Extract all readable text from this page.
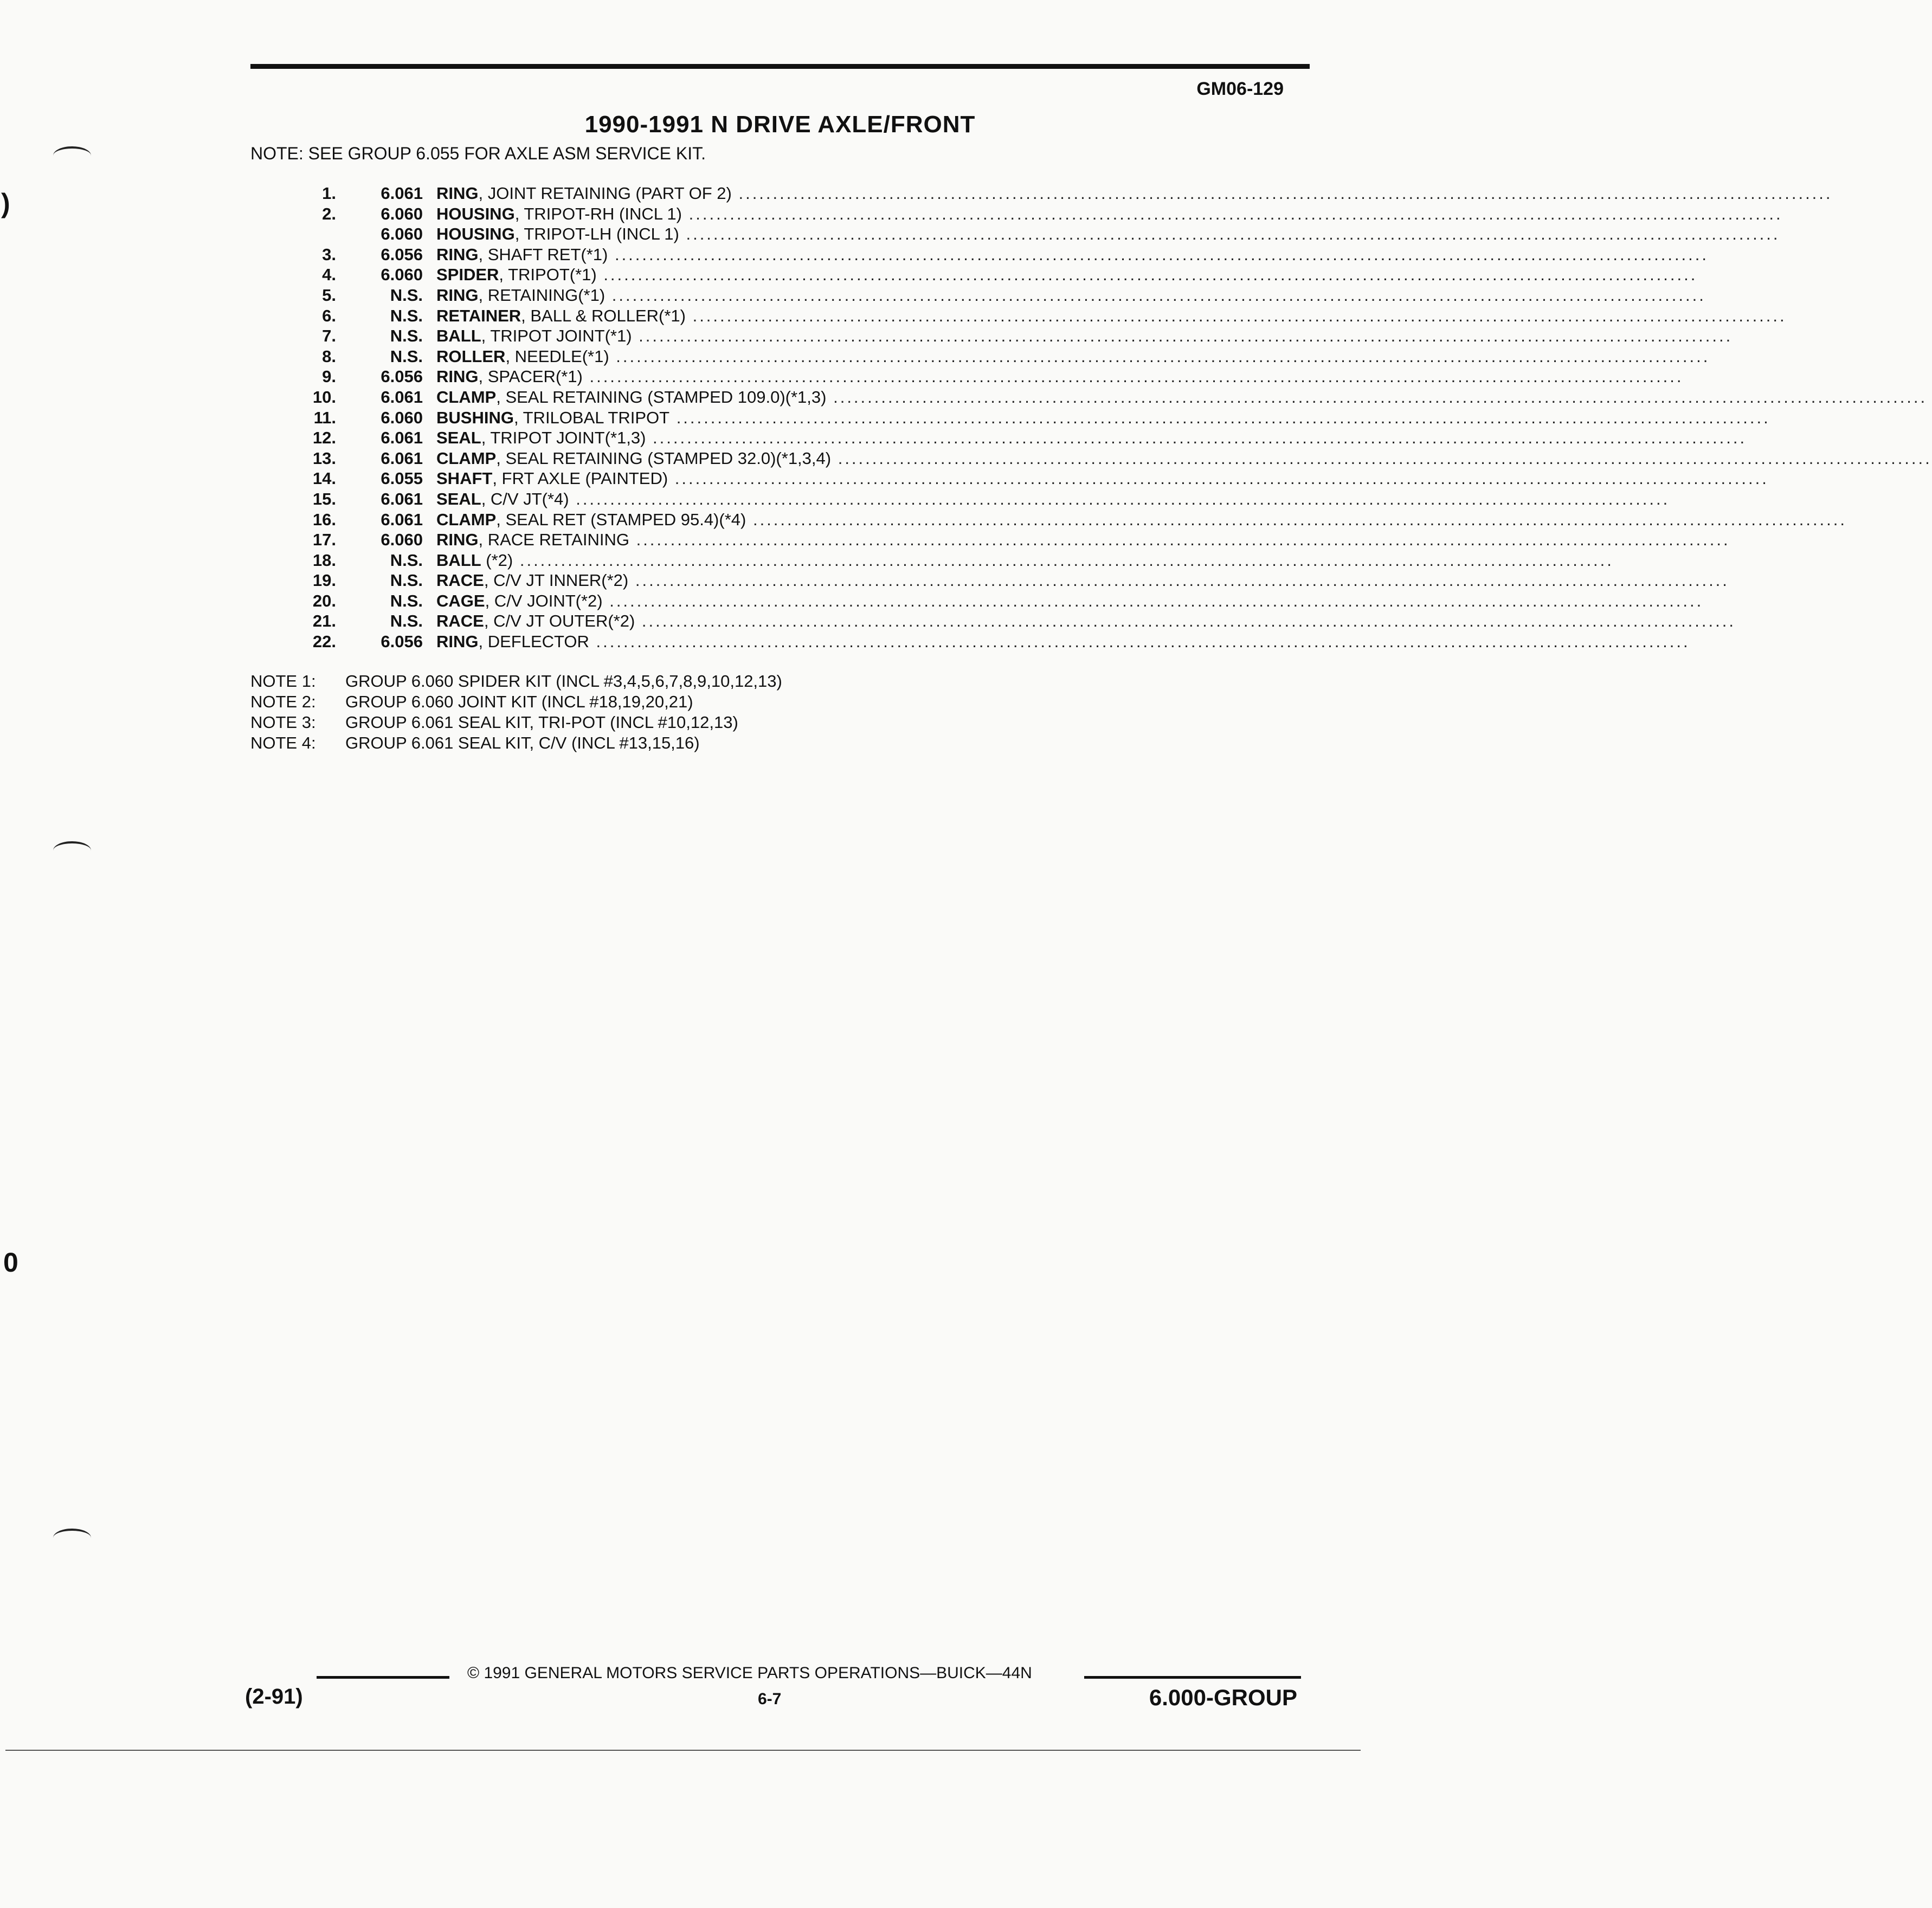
GM06-129
1990-1991 N DRIVE AXLE/FRONT
NOTE: SEE GROUP 6.055 FOR AXLE ASM SERVICE KIT.
1.	6.061 RING, JOINT RETAINING (PART OF 2) ................................................................................................................................................................
2.	6.060 HOUSING, TRIPOT-RH (INCL 1) ................................................................................................................................................................
6.060 HOUSING, TRIPOT-LH (INCL 1) ................................................................................................................................................................
3.	6.056 RING, SHAFT RET(*1) ................................................................................................................................................................
4.	6.060 SPIDER, TRIPOT(*1) ................................................................................................................................................................
5.	N.S. RING, RETAINING(*1) ................................................................................................................................................................
6.	N.S. RETAINER, BALL & ROLLER(*1) ................................................................................................................................................................
7.	N.S. BALL, TRIPOT JOINT(*1) ................................................................................................................................................................
8.	N.S. ROLLER, NEEDLE(*1) ................................................................................................................................................................
9.	6.056 RING, SPACER(*1) ................................................................................................................................................................
10.	6.061 CLAMP, SEAL RETAINING (STAMPED 109.0)(*1,3) ................................................................................................................................................................
11.	6.060 BUSHING, TRILOBAL TRIPOT ................................................................................................................................................................
12.	6.061 SEAL, TRIPOT JOINT(*1,3) ................................................................................................................................................................
13.	6.061 CLAMP, SEAL RETAINING (STAMPED 32.0)(*1,3,4) ................................................................................................................................................................
14.	6.055 SHAFT, FRT AXLE (PAINTED) ................................................................................................................................................................
15.	6.061 SEAL, C/V JT(*4) ................................................................................................................................................................
16.	6.061 CLAMP, SEAL RET (STAMPED 95.4)(*4) ................................................................................................................................................................
17.	6.060 RING, RACE RETAINING ................................................................................................................................................................
18.	N.S. BALL (*2) ................................................................................................................................................................
19.	N.S. RACE, C/V JT INNER(*2) ................................................................................................................................................................
20.	N.S. CAGE, C/V JOINT(*2) ................................................................................................................................................................
21.	N.S. RACE, C/V JT OUTER(*2) ................................................................................................................................................................
22.	6.056 RING, DEFLECTOR ................................................................................................................................................................
NOTE 1: GROUP 6.060 SPIDER KIT (INCL #3,4,5,6,7,8,9,10,12,13)
NOTE 2: GROUP 6.060 JOINT KIT (INCL #18,19,20,21)
NOTE 3: GROUP 6.061 SEAL KIT, TRI-POT (INCL #10,12,13)
NOTE 4: GROUP 6.061 SEAL KIT, C/V (INCL #13,15,16)
© 1991 GENERAL MOTORS SERVICE PARTS OPERATIONS—BUICK—44N
(2-91)	6-7	6.000-GROUP
)
0
